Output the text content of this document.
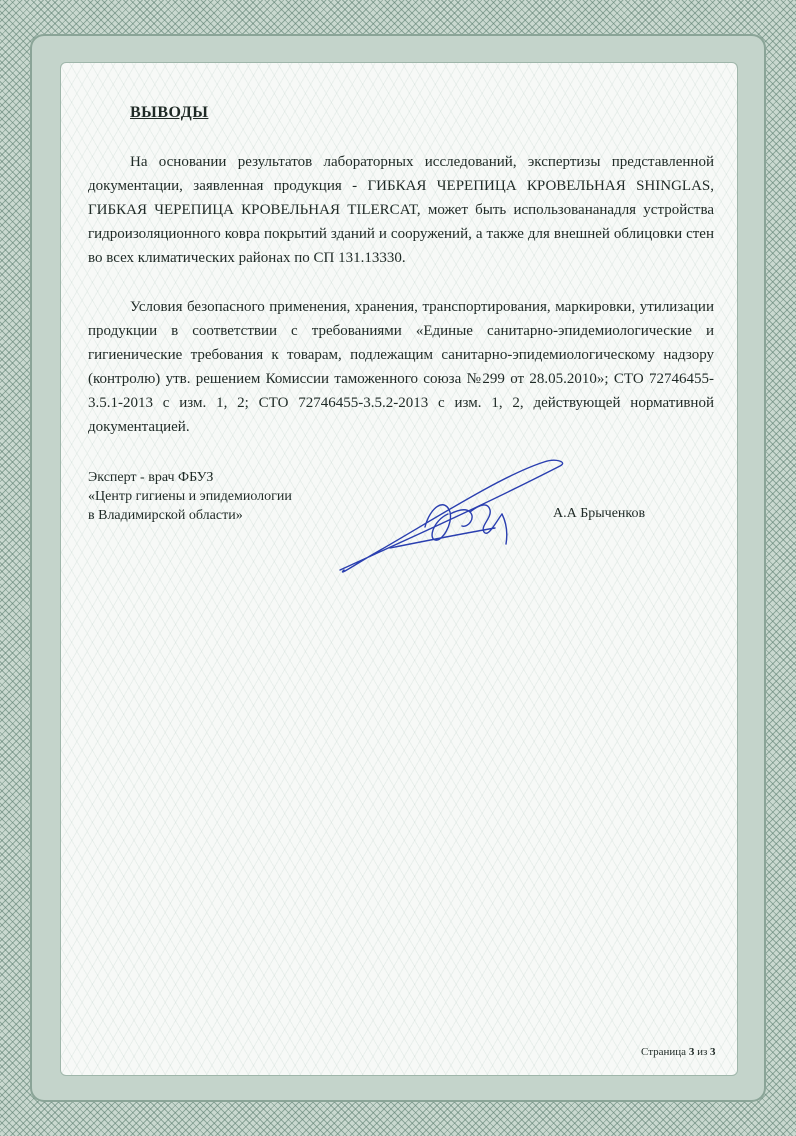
ВЫВОДЫ
На основании результатов лабораторных исследований, экспертизы представленной документации, заявленная продукция - ГИБКАЯ ЧЕРЕПИЦА КРОВЕЛЬНАЯ SHINGLAS, ГИБКАЯ ЧЕРЕПИЦА КРОВЕЛЬНАЯ TILERCAT, может быть использовананадля устройства гидроизоляционного ковра покрытий зданий и сооружений, а также для внешней облицовки стен во всех климатических районах по СП 131.13330.
Условия безопасного применения, хранения, транспортирования, маркировки, утилизации продукции в соответствии с требованиями «Единые санитарно-эпидемиологические и гигиенические требования к товарам, подлежащим санитарно-эпидемиологическому надзору (контролю) утв. решением Комиссии таможенного союза №299 от 28.05.2010»; СТО 72746455-3.5.1-2013 с изм. 1, 2; СТО 72746455-3.5.2-2013 с изм. 1, 2, действующей нормативной документацией.
Эксперт - врач ФБУЗ
«Центр гигиены и эпидемиологии
в Владимирской области»	А.А Брыченков
Страница 3 из 3
